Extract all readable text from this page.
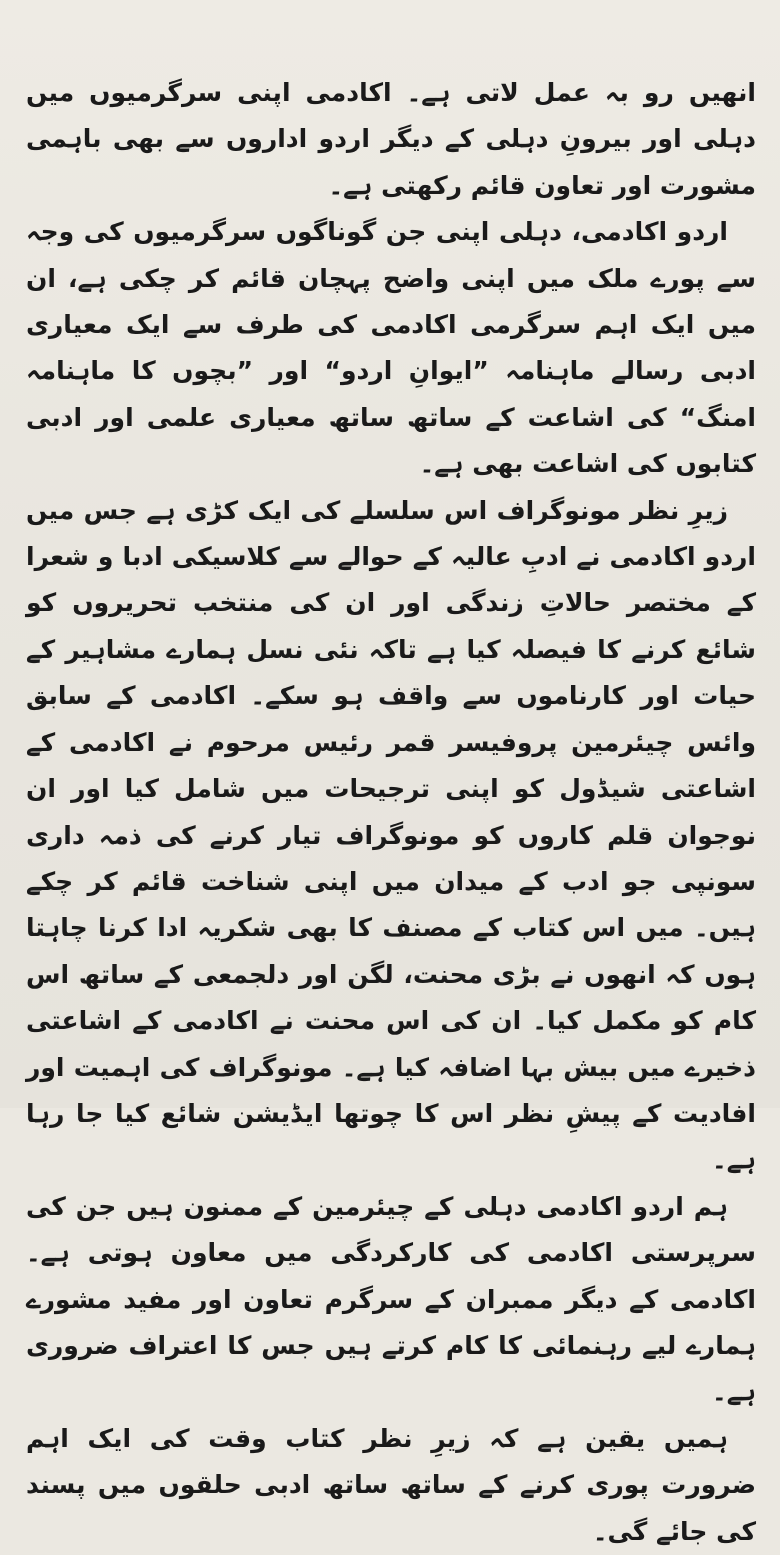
انھیں رو بہ عمل لاتی ہے۔ اکادمی اپنی سرگرمیوں میں دہلی اور بیرونِ دہلی کے دیگر اردو اداروں سے بھی باہمی مشورت اور تعاون قائم رکھتی ہے۔

اردو اکادمی، دہلی اپنی جن گوناگوں سرگرمیوں کی وجہ سے پورے ملک میں اپنی واضح پہچان قائم کر چکی ہے، ان میں ایک اہم سرگرمی اکادمی کی طرف سے ایک معیاری ادبی رسالے ماہنامہ ”ایوانِ اردو“ اور ”بچوں کا ماہنامہ امنگ“ کی اشاعت کے ساتھ ساتھ معیاری علمی اور ادبی کتابوں کی اشاعت بھی ہے۔

زیرِ نظر مونوگراف اس سلسلے کی ایک کڑی ہے جس میں اردو اکادمی نے ادبِ عالیہ کے حوالے سے کلاسیکی ادبا و شعرا کے مختصر حالاتِ زندگی اور ان کی منتخب تحریروں کو شائع کرنے کا فیصلہ کیا ہے تاکہ نئی نسل ہمارے مشاہیر کے حیات اور کارناموں سے واقف ہو سکے۔ اکادمی کے سابق وائس چیئرمین پروفیسر قمر رئیس مرحوم نے اکادمی کے اشاعتی شیڈول کو اپنی ترجیحات میں شامل کیا اور ان نوجوان قلم کاروں کو مونوگراف تیار کرنے کی ذمہ داری سونپی جو ادب کے میدان میں اپنی شناخت قائم کر چکے ہیں۔ میں اس کتاب کے مصنف کا بھی شکریہ ادا کرنا چاہتا ہوں کہ انھوں نے بڑی محنت، لگن اور دلجمعی کے ساتھ اس کام کو مکمل کیا۔ ان کی اس محنت نے اکادمی کے اشاعتی ذخیرے میں بیش بہا اضافہ کیا ہے۔ مونوگراف کی اہمیت اور افادیت کے پیشِ نظر اس کا چوتھا ایڈیشن شائع کیا جا رہا ہے۔

ہم اردو اکادمی دہلی کے چیئرمین کے ممنون ہیں جن کی سرپرستی اکادمی کی کارکردگی میں معاون ہوتی ہے۔ اکادمی کے دیگر ممبران کے سرگرم تعاون اور مفید مشورے ہمارے لیے رہنمائی کا کام کرتے ہیں جس کا اعتراف ضروری ہے۔

ہمیں یقین ہے کہ زیرِ نظر کتاب وقت کی ایک اہم ضرورت پوری کرنے کے ساتھ ساتھ ادبی حلقوں میں پسند کی جائے گی۔
